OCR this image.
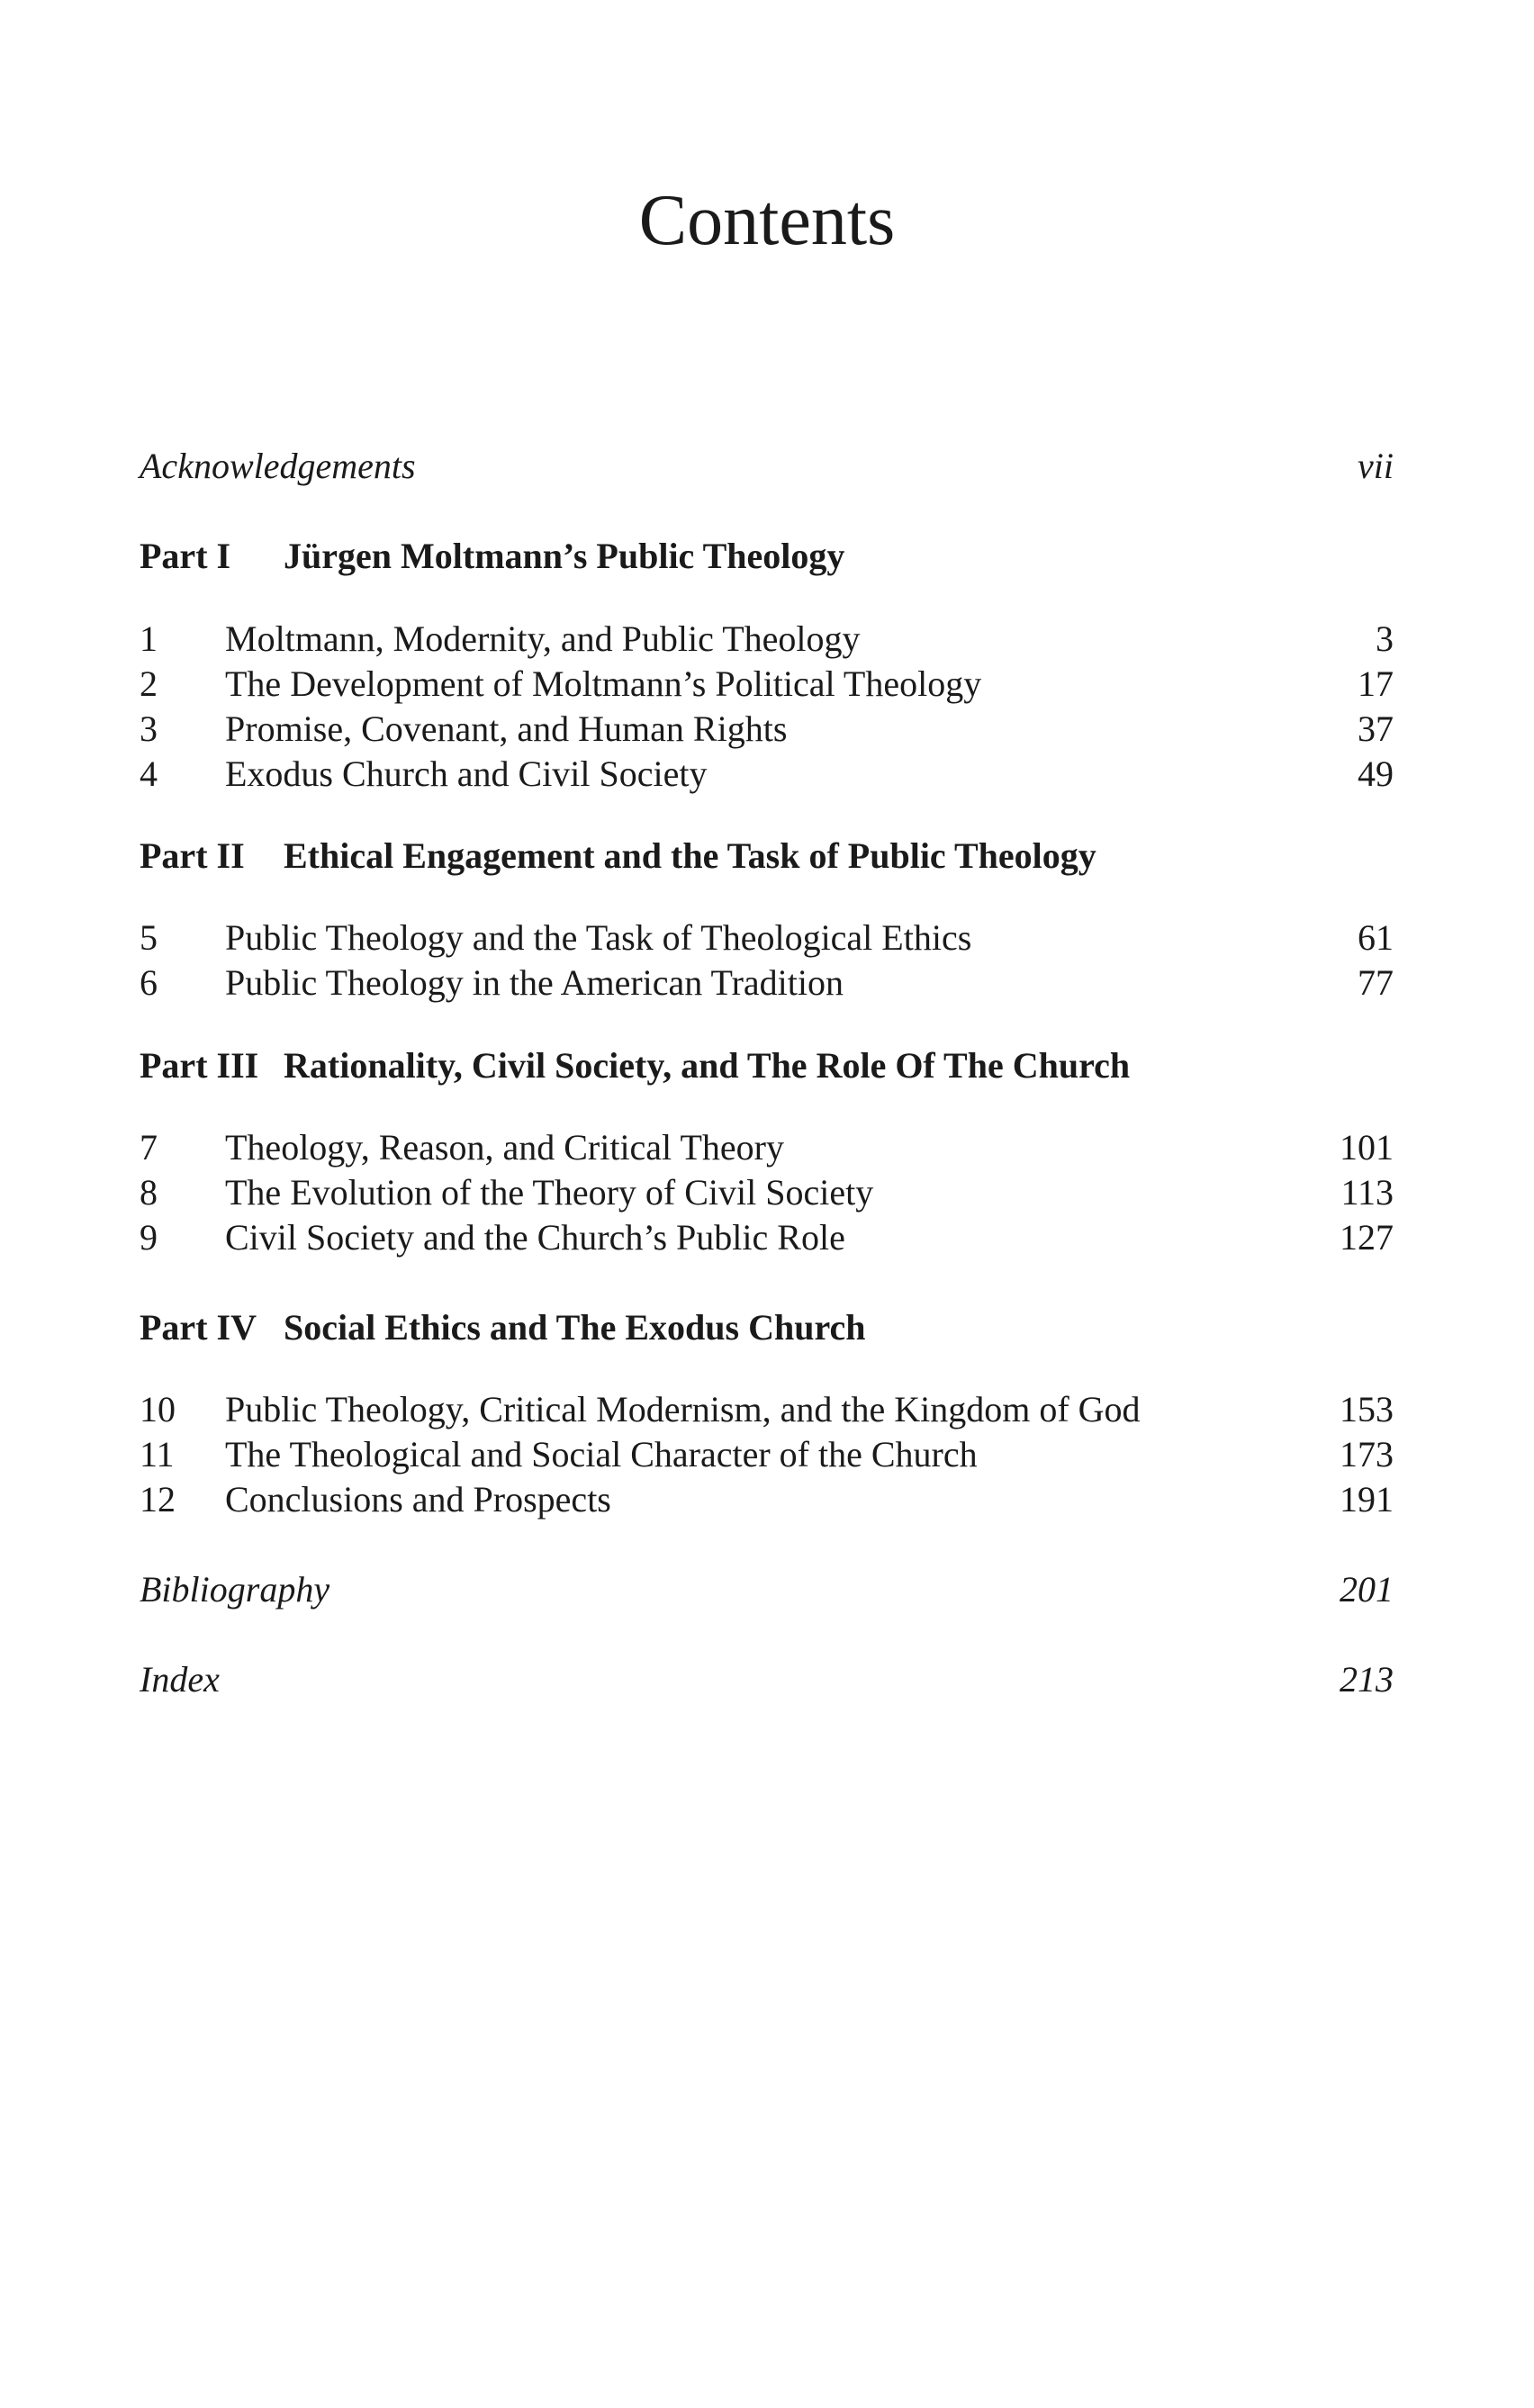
Contents
Acknowledgements	vii
Part I Jürgen Moltmann’s Public Theology
1 Moltmann, Modernity, and Public Theology	3
2 The Development of Moltmann’s Political Theology	17
3 Promise, Covenant, and Human Rights	37
4 Exodus Church and Civil Society	49
Part II Ethical Engagement and the Task of Public Theology
5 Public Theology and the Task of Theological Ethics	61
6 Public Theology in the American Tradition	77
Part III Rationality, Civil Society, and The Role Of The Church
7 Theology, Reason, and Critical Theory	101
8 The Evolution of the Theory of Civil Society	113
9 Civil Society and the Church’s Public Role	127
Part IV Social Ethics and The Exodus Church
10 Public Theology, Critical Modernism, and the Kingdom of God	153
11 The Theological and Social Character of the Church	173
12 Conclusions and Prospects	191
Bibliography	201
Index	213
